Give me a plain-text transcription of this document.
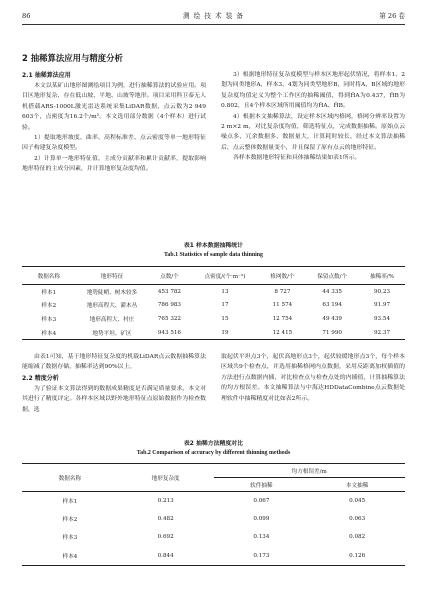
86	测 绘 技 术 装 备	第 26 卷
2 抽稀算法应用与精度分析
2.1 抽稀算法应用

本文以某矿山地形图测绘项目为例，进行抽稀算法的试验应用。项目区地形复杂，存在低山坡、平地、山坡等地形。项目采用科卫泰无人机搭载ARS-1000L激光雷达系统采集LiDAR数据，点云数为2 949 603个，点密度为16.2个/m²。本文选用部分数据（4个样本）进行试验。

1）提取地形坡度、曲率、高程标准差、点云密度等单一地形特征因子构建复杂度模型。

2）计算单一地形特征值，主成分贡献率和累计贡献率，提取影响地形特征的主成分因素，并计算地形复杂度均值。

3）根据地形特征复杂度模型与样本区地形起伏情况，将样本1、2划为同类地形A，样本3、4划为同类型地形B，同时将A、B区域的地形复杂度均值定义为整个工作区的抽稀阈值，得到H̄A为0.437，H̄B为0.802，且4个样本区域所用阈值均为H̄A、H̄B。

4）根据本文抽稀算法，设定样本区域内格网，格网分辨率设置为2 m×2 m，对比复杂度均值，筛选特征点，完成数据抽稀。原始点云噪点多、冗余数据多，数据量大，计算耗时较长，经过本文算法抽稀后，点云整体数据量变小，并且保留了原有点云的地形特征。

各样本数据地形特征和具体抽稀结果如表1所示。

表1 样本数据抽稀统计
Tab.1 Statistics of sample data thinning
数据名称	地形特征	点数/个	点密度/(个·m⁻²)	格网数/个	保留点数/个	抽稀率/%
样本1	地势陡峭、树木较多	453 782	13	8 727	44 335	90.23
样本2	地形高程大、灌木丛	786 983	17	11 574	63 194	91.97
样本3	地形高程大、村庄	765 322	15	12 754	49 439	93.54
样本4	地势平坦、矿区	943 516	19	12 415	71 990	92.37

由表1可知，基于地形特征复杂度的机载LiDAR点云数据抽稀算法能缩减了数据存储，抽稀率达到90%以上。

2.2 精度分析

为了验证本文算法得到的数据成果精度是否满足质量要求，本文对其进行了精度评定。各样本区域以野外地形特征点原始数据作为检查数据，选

取起伏平坦点3个，起伏高地形点3个，起伏较缓地形点3个，每个样本区域共9个检查点，并选用抽稀格网内点数据，采用反距离加权插值的方法进行点数据内插，对比检查点与检查点处的内插值，计算抽稀算法的均方根误差。本文抽稀算法与中海达HDDataCombine点云数据处理软件中抽稀精度对比如表2所示。

表2 抽稀方法精度对比
Tab.2 Comparison of accuracy by different thinning methods
数据名称	地形复杂度	均方根误差/m	
		软件抽稀	本文抽稀
样本1	0.213	0.067	0.045
样本2	0.482	0.099	0.063
样本3	0.692	0.134	0.082
样本4	0.844	0.173	0.126
